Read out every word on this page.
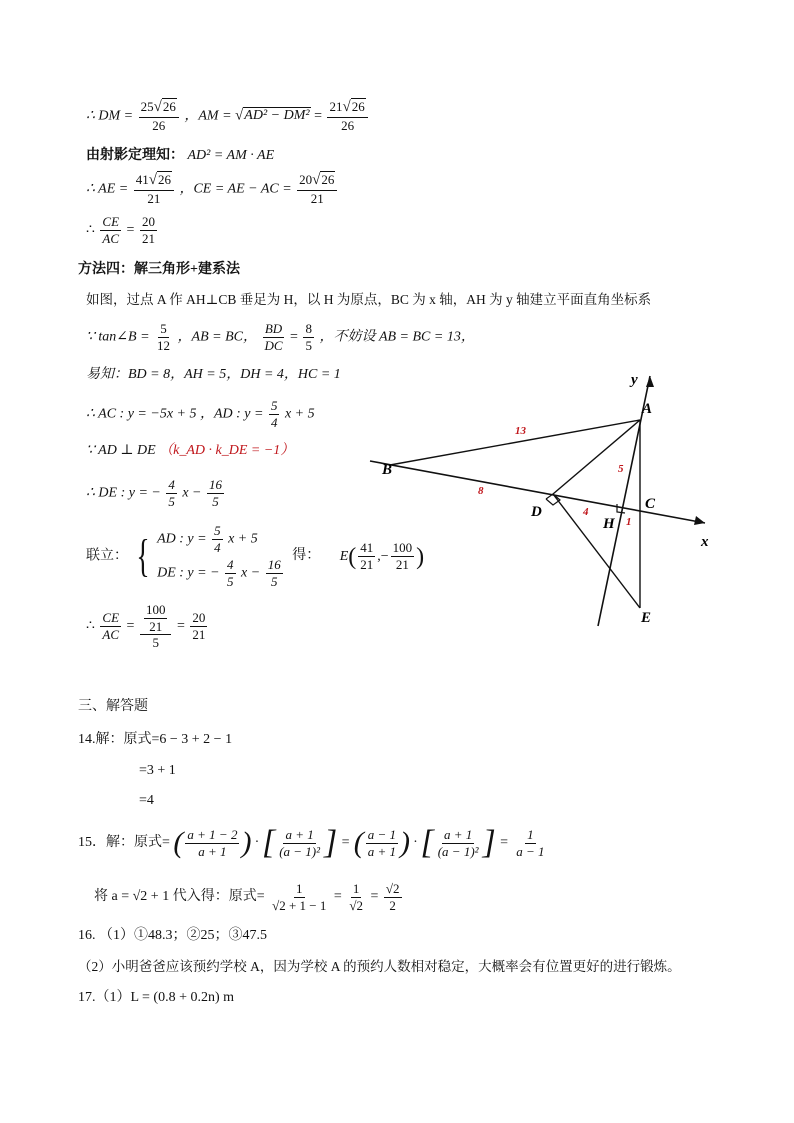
∴ DM = $\frac{25√26}{26}$ ，AM = $√AD^2 - DM^2 = \frac{21√26}{26}$
由射影定理知： AD² = AM · AE
∴ AE = $\frac{41√26}{21}$ ，CE = AE − AC = $\frac{20√26}{21}$
∴ $\frac{CE}{AC} = \frac{20}{21}$
方法四：解三角形+建系法
如图，过点 A 作 AH⊥CB 垂足为 H，以 H 为原点，BC 为 x 轴，AH 为 y 轴建立平面直角坐标系
∵ tan∠B = $\frac{5}{12}$ ，AB = BC， $\frac{BD}{DC} = \frac{8}{5}$ ，不妨设 AB = BC = 13，
易知：BD = 8，AH = 5，DH = 4，HC = 1
∴ AC : y = −5x + 5 ，AD : $y = \frac{5}{4}$ x + 5
∵ AD ⊥ DE （k_AD · k_DE = −1）
∴ DE : y = − $\frac{4}{5}$ $x - \frac{16}{5}$
联立： { AD : $y = \frac{5}{4}$ x + 5
DE : y = − $\frac{4}{5}$ $x - \frac{16}{5}$
得： $E( \frac{41}{21}$ ,− $\frac{100}{21}$ )
∴ $\frac{CE}{AC} = \frac{\frac{100}{21}}{5} = \frac{20}{21}$
y
x
A
B
C
D
H
E
13
8
5
4
1
三、解答题
14.解：原式=6 − 3 + 2 − 1
=3 + 1
=4
15．解：原式= ( $\frac{a + 1 - 2}{a + 1}$ ) · [ $\frac{a + 1}{\text{(a − 1)²}}$ ] = ( $\frac{a - 1}{a + 1}$ ) · [ $\frac{a + 1}{\text{(a − 1)²}}$ ] = $\frac{1}{a - 1}$
将 a = √2 + 1 代入得：原式= $\frac{1}{√2 + 1 - 1} = \frac{1}{√2} = \frac{√2}{2}$
16. （1）①48.3；②25；③47.5
（2）小明爸爸应该预约学校 A，因为学校 A 的预约人数相对稳定，大概率会有位置更好的进行锻炼。
17.（1）L = (0.8 + 0.2n) m
